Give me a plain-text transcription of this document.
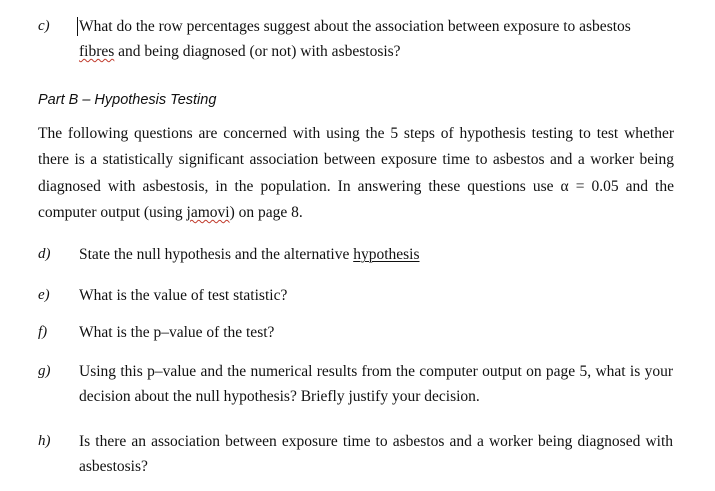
c) What do the row percentages suggest about the association between exposure to asbestos
fibres and being diagnosed (or not) with asbestosis?
Part B – Hypothesis Testing
The following questions are concerned with using the 5 steps of hypothesis testing to test whether there is a statistically significant association between exposure time to asbestos and a worker being diagnosed with asbestosis, in the population. In answering these questions use α = 0.05 and the computer output (using jamovi) on page 8.
d) State the null hypothesis and the alternative hypothesis
e) What is the value of test statistic?
f) What is the p–value of the test?
g) Using this p–value and the numerical results from the computer output on page 5, what is your decision about the null hypothesis? Briefly justify your decision.
h) Is there an association between exposure time to asbestos and a worker being diagnosed with asbestosis?
